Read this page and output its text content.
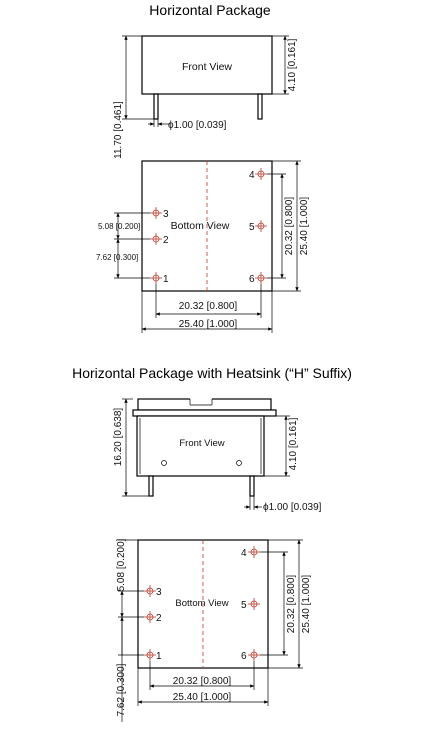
Horizontal Package
Front View	4.10 [0.161]
11.70 [0.461]	ϕ1.00 [0.039]
Bottom View
4
5
6
3
2
1
5.08 [0.200]
7.62 [0.300]
20.32 [0.800] 25.40 [1.000]
20.32 [0.800]
25.40 [1.000]
Horizontal Package with Heatsink (“H” Suffix)
Front View
16.20 [0.638]	4.10 [0.161]
ϕ1.00 [0.039]
Bottom View
4
5
6
3
2
1
5.08 [0.200]
7.62 [0.300]
20.32 [0.800] 25.40 [1.000]
20.32 [0.800]
25.40 [1.000]
